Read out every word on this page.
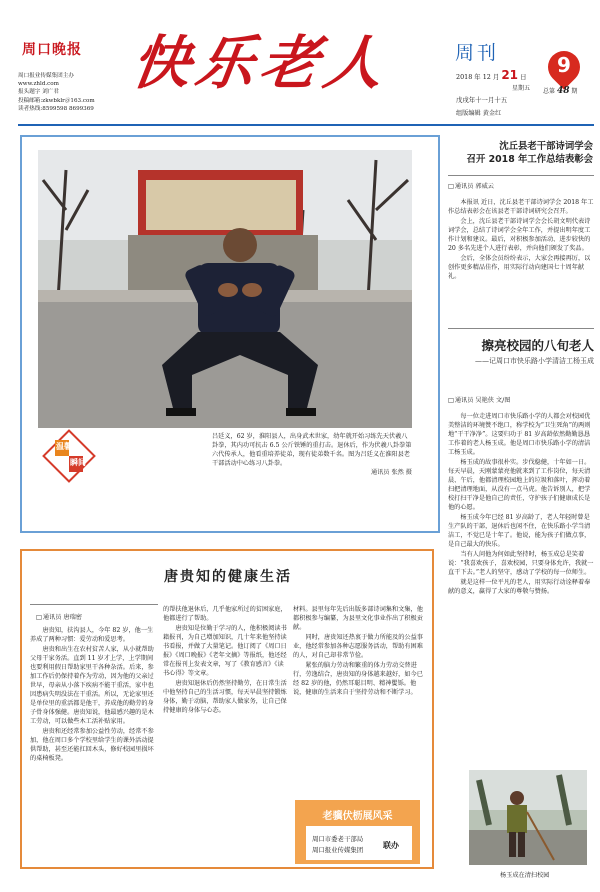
周口晚报
周口报业传媒集团主办
www.zhld.com
报头题字 刘广君
投稿邮箱:zkwbklr＠163.com
读者热线:8599598 8699369
快乐老人	周刊	9
2018 年 12 月 21 日
星期五 总第 48 期
戊戌年十一月十五
组版编辑 黄金红
吕廷义，62 岁，淮阳县人，出身武术世家，幼年就开始习练先天伏羲八卦拳，其内功可抗击 6.5 公斤铁锤的重打击。退休后，作为伏羲八卦拳第六代传承人，他看重培养徒弟，现有徒弟数千名。图为吕廷义在淮阳县老干部活动中心练习八卦拳。
通讯员 张然 摄
温馨
瞬间
沈丘县老干部诗词学会
召开 2018 年工作总结表彰会
□ 通讯员 郭威云

本报讯 近日，沈丘县老干部诗词学会 2018 年工作总结表彰会在该县老干部诗词研究会召开。

会上，沈丘县老干部诗词学会会长胡文明代表诗词学会，总结了诗词学会全年工作，并提出明年度工作计划和建议。最后，对积极参加活动、进步较快的 20 多名先进个人进行表彰，并向他们颁发了奖品。

会后，全体会员纷纷表示，大家会再接再厉，以创作更多精品佳作，用实际行动向建国七十周年献礼。

擦亮校园的八旬老人
——记周口市快乐路小学清洁工杨玉成
□ 通讯员 吴艳侠 文/图

每一位走进周口市快乐路小学的人都会对校园优美整洁的环境赞不绝口，称学校为“卫生死角”的两则地“干干净净”。这要归功于 81 岁高龄依然勤勤恳恳工作着的老人杨玉成。他是周口市快乐路小学的清洁工杨玉成。

杨玉成的故事很朴实。步伐稳健，十年如一日。每天早晨，天刚蒙蒙亮他就来到了工作岗位，每天清晨、午后，他都清理校园地上的垃圾和落叶，挥动着扫把清理地面，从没有一点马虎。他告诉别人，把学校打扫干净是他自己的责任，守护孩子们健康成长是他的心愿。

杨玉成今年已经 81 岁高龄了，老人年轻时曾是生产队的干部，退休后也闲不住，在快乐路小学当清洁工，不觉已是十年了。他说，能为孩子们做点事，是自己最大的快乐。

当有人问他为何如此坚持时，杨玉成总是笑着说：“我喜欢孩子，喜欢校园，只要身体允许，我就一直干下去。”老人的坚守，感动了学校的每一位师生。

就是这样一位平凡的老人，用实际行动诠释着奉献的意义，赢得了大家的尊敬与赞扬。

杨玉成在清扫校园
唐贵知的健康生活
□ 通讯员 唐瑞密

唐贵知，扶沟县人，今年 82 岁，他一生养成了两种习惯：爱劳动和爱思考。

唐贵和出生在农村贫苦人家，从小就帮助父母干家务活。直到 11 岁才上学，上学期间也要利用假日帮助家里干各种杂活。后来，参加工作后仍保持着作为劳动，因为他的父亲过世早，母亲从小落下疾病不能干重活，家中也因患病失明没法在干重活。所以，无论家里还是单位里的重活都是他干，养成他的勤劳的身子骨身体强健。唐贵知说，他最感兴趣的是木工劳动，可以做些木工活补贴家用。

唐贵和还经常参加公益性劳动，经常不参加，他在周口多个学校里给学生的课外活动提供帮助，甚至还能扛回木头，修好校园里损坏的桌椅板凳。

的帮扶他退休后，几乎他家所过的贫困家庭，他都进行了帮助。

唐贵知是位勤于学习的人，他积极阅读书籍报刊，为自己增加知识，几十年来他坚持读书看报，并做了大量笔记。他订阅了《周口日报》《周口晚报》《老年文摘》等报纸，他还经常在报刊上发表文章，写了《教育感言》《读书心得》等文章。

唐贵知退休后仍然坚持勤劳，在日常生活中他坚持自己的生活习惯，每天早晨坚持锻炼身体，勤于动脑，帮助家人做家务，让自己保持健康的身体与心态。

材料。县里每年先后出版多部诗词集和文集，他都积极参与编纂，为县里文化事业作出了积极贡献。

同时，唐贵知还热衷于做力所能及的公益事业，他经常参加各种志愿服务活动，帮助有困难的人，对自己却非常节俭。

紧张的脑力劳动和繁重的体力劳动交替进行，劳逸结合，唐贵知的身体越来越好，如今已经 82 岁的他，仍然耳聪目明、精神矍铄。他说，健康的生活来自于坚持劳动和不断学习。

老骥伏枥展风采
周口市委老干部局
周口报业传媒集团 联办
